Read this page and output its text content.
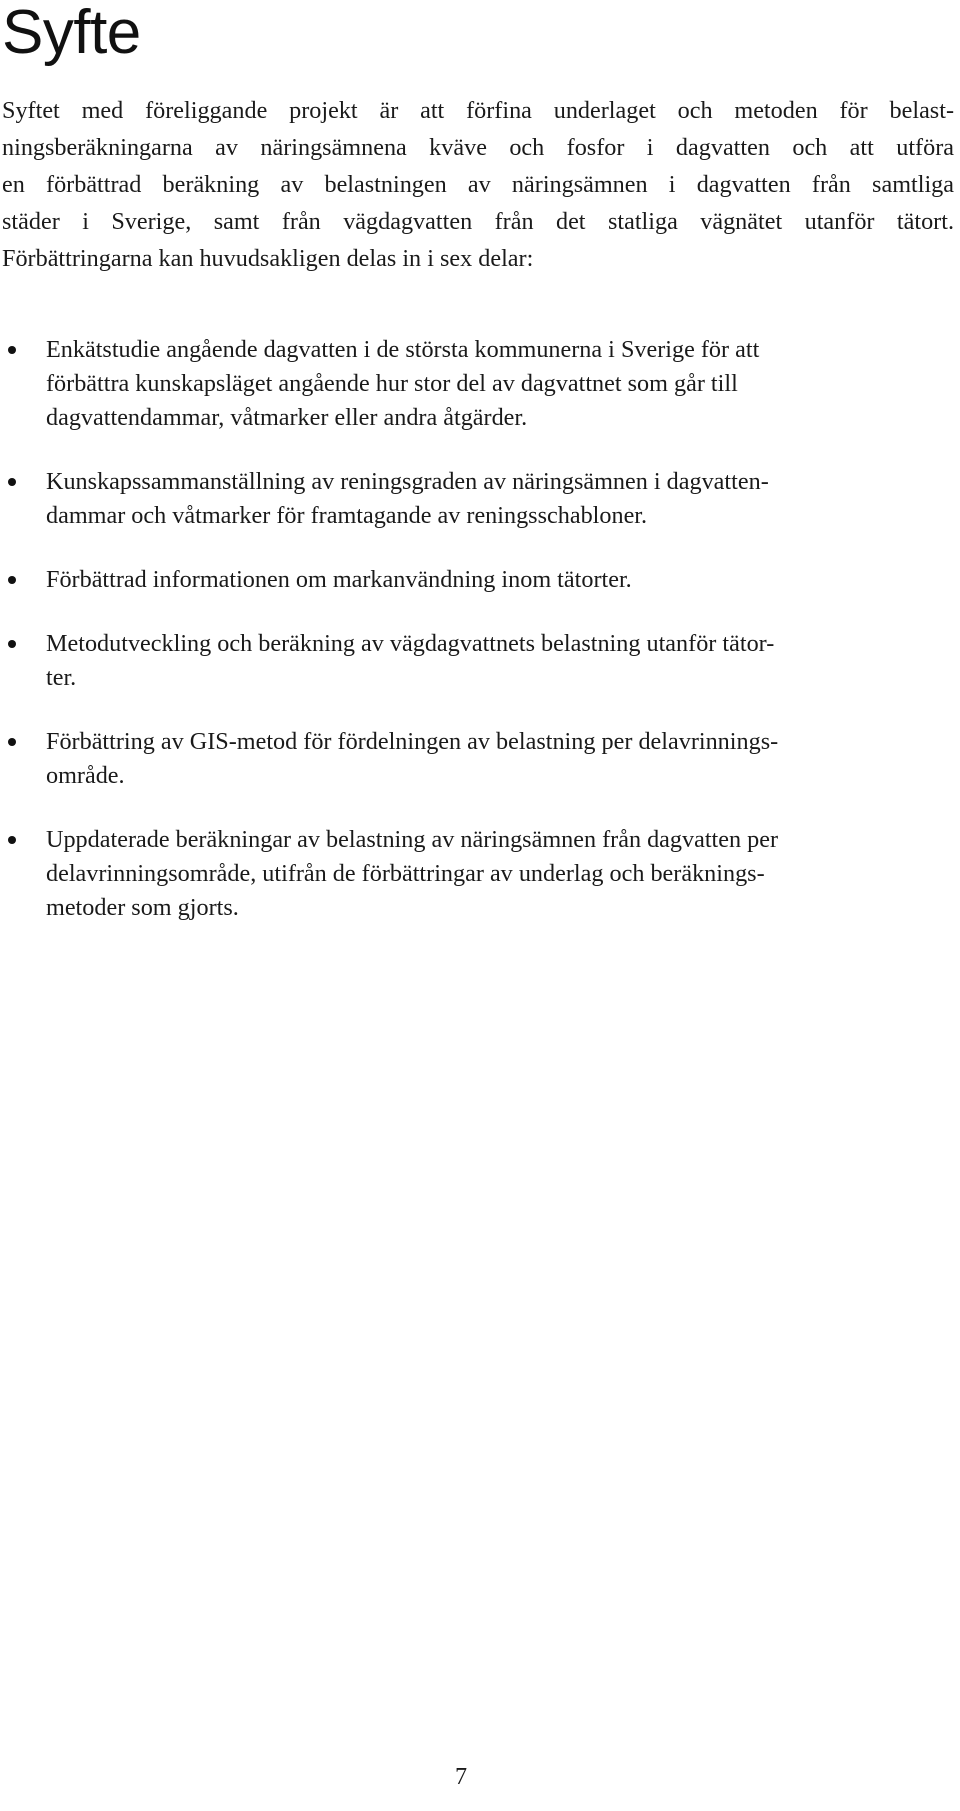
Syfte

Syftet med föreliggande projekt är att förfina underlaget och metoden för belast-
ningsberäkningarna av näringsämnena kväve och fosfor i dagvatten och att utföra
en förbättrad beräkning av belastningen av näringsämnen i dagvatten från samtliga
städer i Sverige, samt från vägdagvatten från det statliga vägnätet utanför tätort.
Förbättringarna kan huvudsakligen delas in i sex delar:

Enkätstudie angående dagvatten i de största kommunerna i Sverige för att
förbättra kunskapsläget angående hur stor del av dagvattnet som går till
dagvattendammar, våtmarker eller andra åtgärder.
Kunskapssammanställning av reningsgraden av näringsämnen i dagvatten-
dammar och våtmarker för framtagande av reningsschabloner.
Förbättrad informationen om markanvändning inom tätorter.
Metodutveckling och beräkning av vägdagvattnets belastning utanför tätor-
ter.
Förbättring av GIS-metod för fördelningen av belastning per delavrinnings-
område.
Uppdaterade beräkningar av belastning av näringsämnen från dagvatten per
delavrinningsområde, utifrån de förbättringar av underlag och beräknings-
metoder som gjorts.
7
